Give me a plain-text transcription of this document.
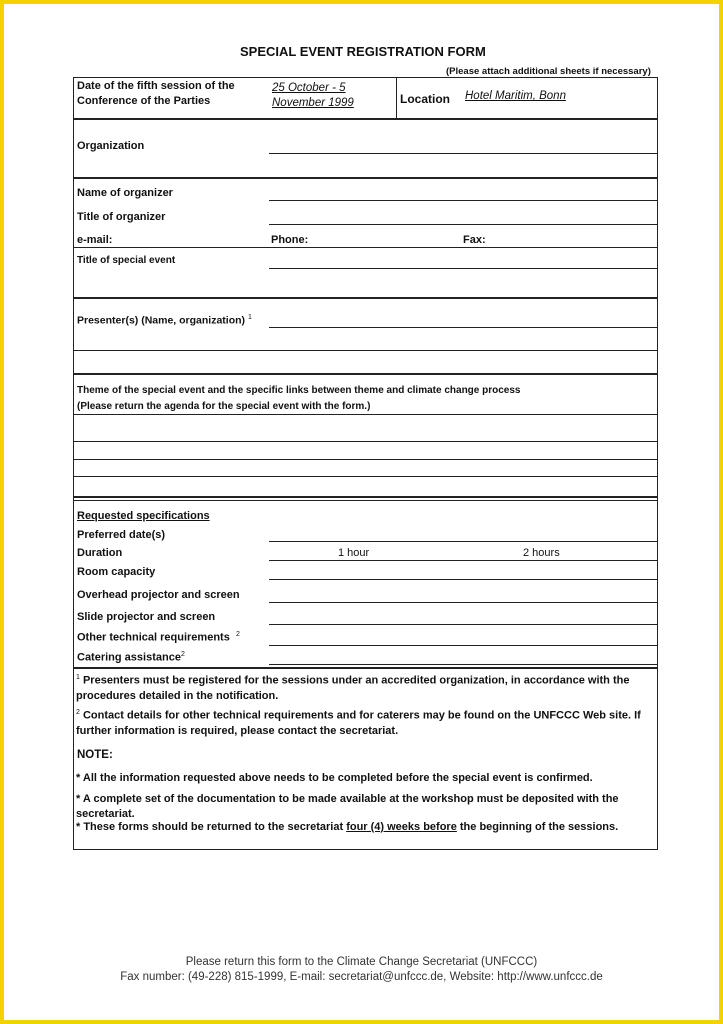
SPECIAL EVENT REGISTRATION FORM
(Please attach additional sheets if necessary)
Date of the fifth session of the
Conference of the Parties
25 October - 5
November 1999	Location Hotel Maritim, Bonn
Organization
Name of organizer
Title of organizer
e-mail:	Phone:	Fax:
Title of special event
Presenter(s) (Name, organization) $^1$
Theme of the special event and the specific links between theme and climate change process
(Please return the agenda for the special event with the form.)
Requested specifications
Preferred date(s)
Duration	1 hour	2 hours
Room capacity
Overhead projector and screen
Slide projector and screen
Other technical requirements $^2$
Catering assistance$^2$
$^1$ Presenters must be registered for the sessions under an accredited organization, in accordance with the procedures detailed in the notification.
$^2$ Contact details for other technical requirements and for caterers may be found on the UNFCCC Web site. If further information is required, please contact the secretariat.
NOTE:
* All the information requested above needs to be completed before the special event is confirmed.
* A complete set of the documentation to be made available at the workshop must be deposited with the secretariat.
* These forms should be returned to the secretariat four (4) weeks before the beginning of the sessions.
Please return this form to the Climate Change Secretariat (UNFCCC)
Fax number: (49-228) 815-1999, E-mail: secretariat@unfccc.de, Website: http://www.unfccc.de
